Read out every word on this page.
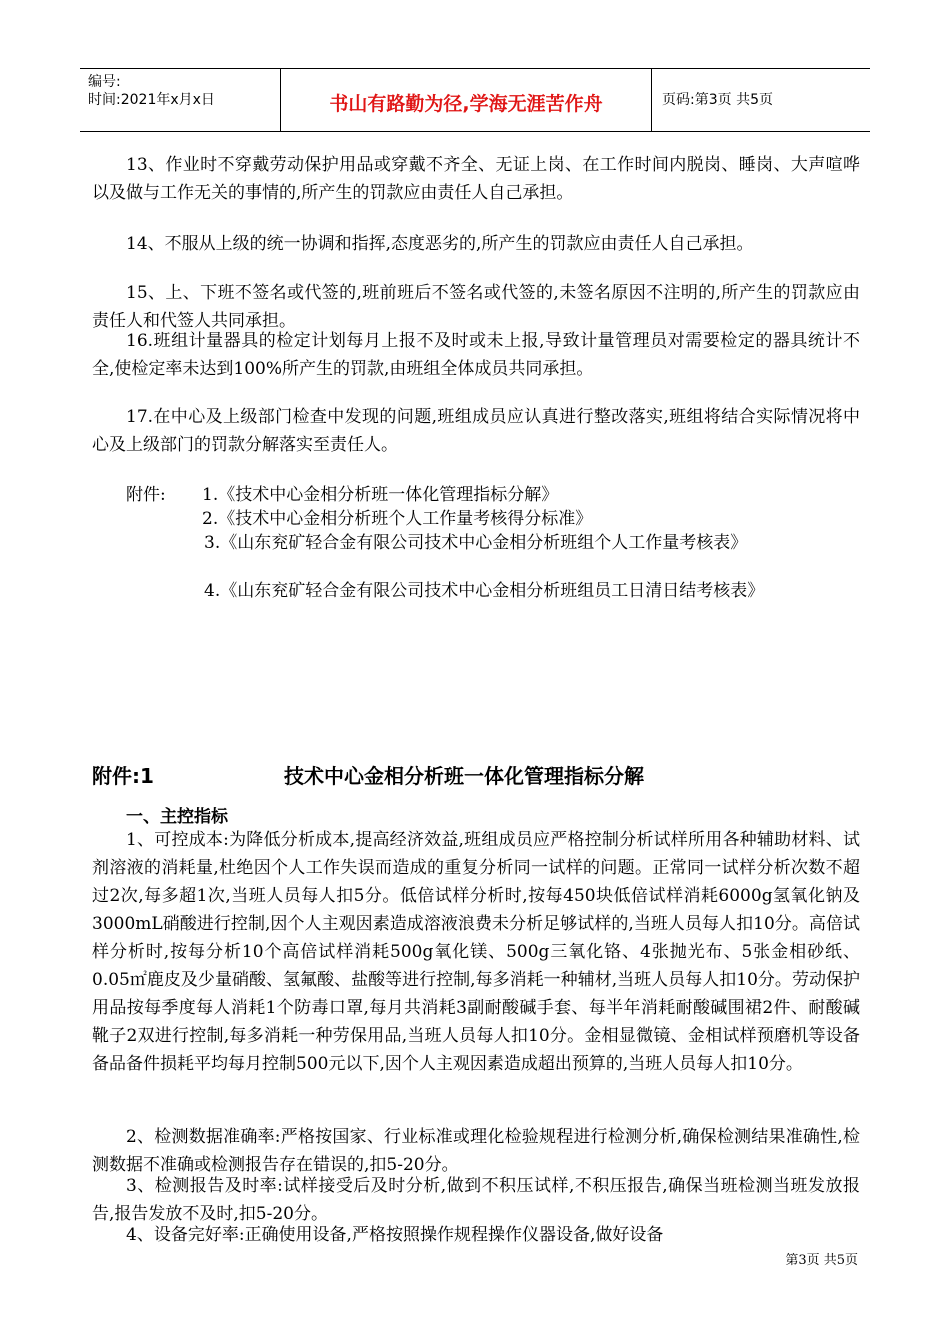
编号:
时间:2021年x月x日	书山有路勤为径,学海无涯苦作舟	页码:第3页 共5页

13、作业时不穿戴劳动保护用品或穿戴不齐全、无证上岗、在工作时间内脱岗、睡岗、大声喧哗以及做与工作无关的事情的,所产生的罚款应由责任人自己承担。

14、不服从上级的统一协调和指挥,态度恶劣的,所产生的罚款应由责任人自己承担。

15、上、下班不签名或代签的,班前班后不签名或代签的,未签名原因不注明的,所产生的罚款应由责任人和代签人共同承担。

16.班组计量器具的检定计划每月上报不及时或未上报,导致计量管理员对需要检定的器具统计不全,使检定率未达到100%所产生的罚款,由班组全体成员共同承担。

17.在中心及上级部门检查中发现的问题,班组成员应认真进行整改落实,班组将结合实际情况将中心及上级部门的罚款分解落实至责任人。

附件: 1.《技术中心金相分析班一体化管理指标分解》
2.《技术中心金相分析班个人工作量考核得分标准》

3.《山东兖矿轻合金有限公司技术中心金相分析班组个人工作量考核表》

4.《山东兖矿轻合金有限公司技术中心金相分析班组员工日清日结考核表》

附件:1	技术中心金相分析班一体化管理指标分解
一、主控指标

1、可控成本:为降低分析成本,提高经济效益,班组成员应严格控制分析试样所用各种辅助材料、试剂溶液的消耗量,杜绝因个人工作失误而造成的重复分析同一试样的问题。正常同一试样分析次数不超过2次,每多超1次,当班人员每人扣5分。低倍试样分析时,按每450块低倍试样消耗6000g氢氧化钠及3000mL硝酸进行控制,因个人主观因素造成溶液浪费未分析足够试样的,当班人员每人扣10分。高倍试样分析时,按每分析10个高倍试样消耗500g氧化镁、500g三氧化铬、4张抛光布、5张金相砂纸、0.05㎡鹿皮及少量硝酸、氢氟酸、盐酸等进行控制,每多消耗一种辅材,当班人员每人扣10分。劳动保护用品按每季度每人消耗1个防毒口罩,每月共消耗3副耐酸碱手套、每半年消耗耐酸碱围裙2件、耐酸碱靴子2双进行控制,每多消耗一种劳保用品,当班人员每人扣10分。金相显微镜、金相试样预磨机等设备备品备件损耗平均每月控制500元以下,因个人主观因素造成超出预算的,当班人员每人扣10分。

2、检测数据准确率:严格按国家、行业标准或理化检验规程进行检测分析,确保检测结果准确性,检测数据不准确或检测报告存在错误的,扣5-20分。

3、检测报告及时率:试样接受后及时分析,做到不积压试样,不积压报告,确保当班检测当班发放报告,报告发放不及时,扣5-20分。

4、设备完好率:正确使用设备,严格按照操作规程操作仪器设备,做好设备

第3页 共5页
